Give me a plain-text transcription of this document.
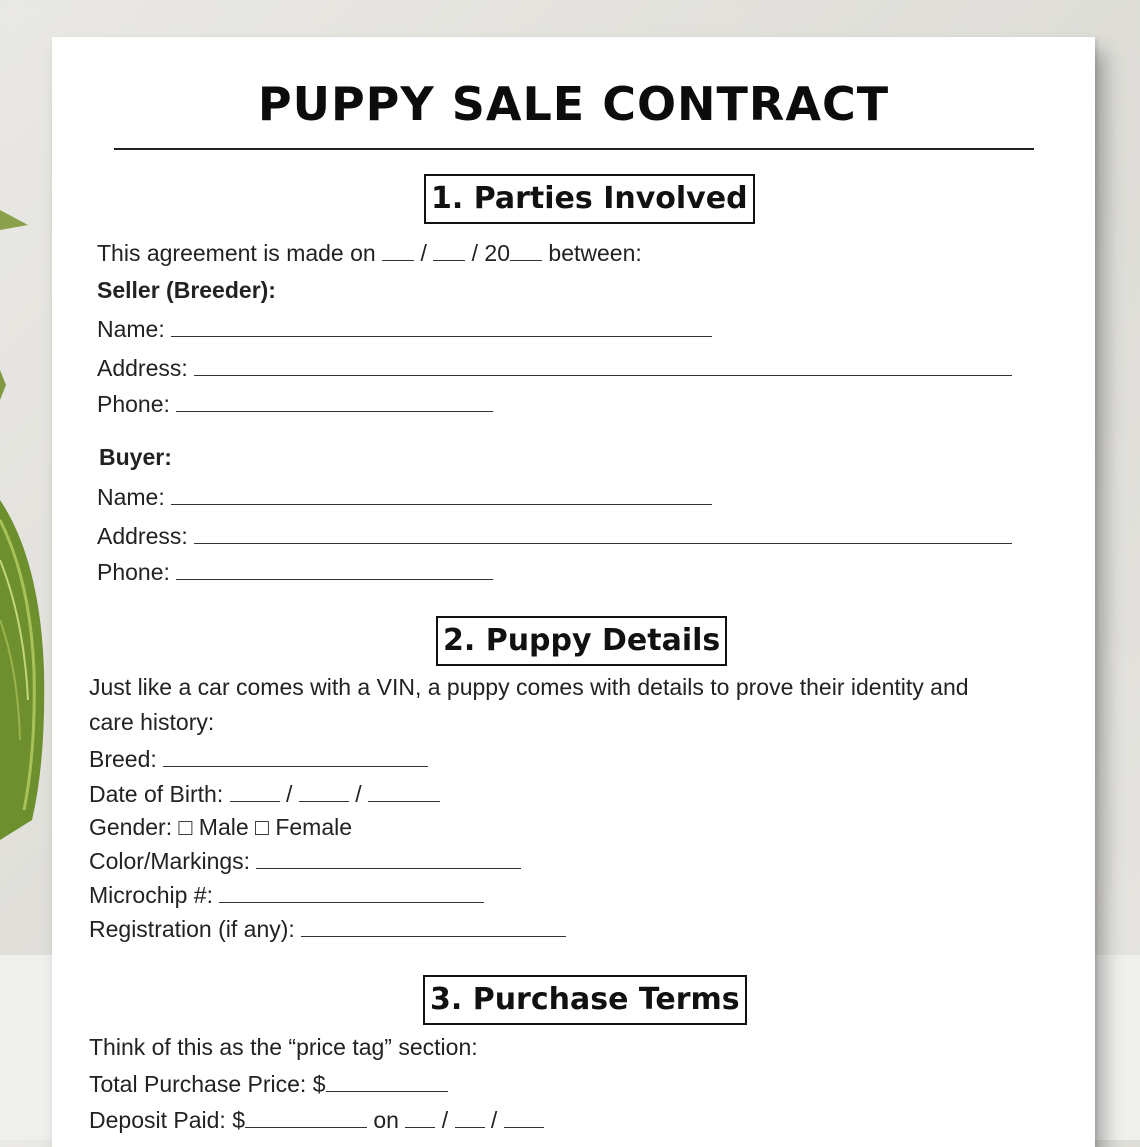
PUPPY SALE CONTRACT
1. Parties Involved
This agreement is made on / / 20 between:
Seller (Breeder):
Name:
Address:
Phone:
Buyer:
Name:
Address:
Phone:
2. Puppy Details
Just like a car comes with a VIN, a puppy comes with details to prove their identity and
care history:
Breed:
Date of Birth:	/	/
Gender: □ Male □ Female
Color/Markings:
Microchip #:
Registration (if any):
3. Purchase Terms
Think of this as the “price tag” section:
Total Purchase Price: $
Deposit Paid: $	on / /
